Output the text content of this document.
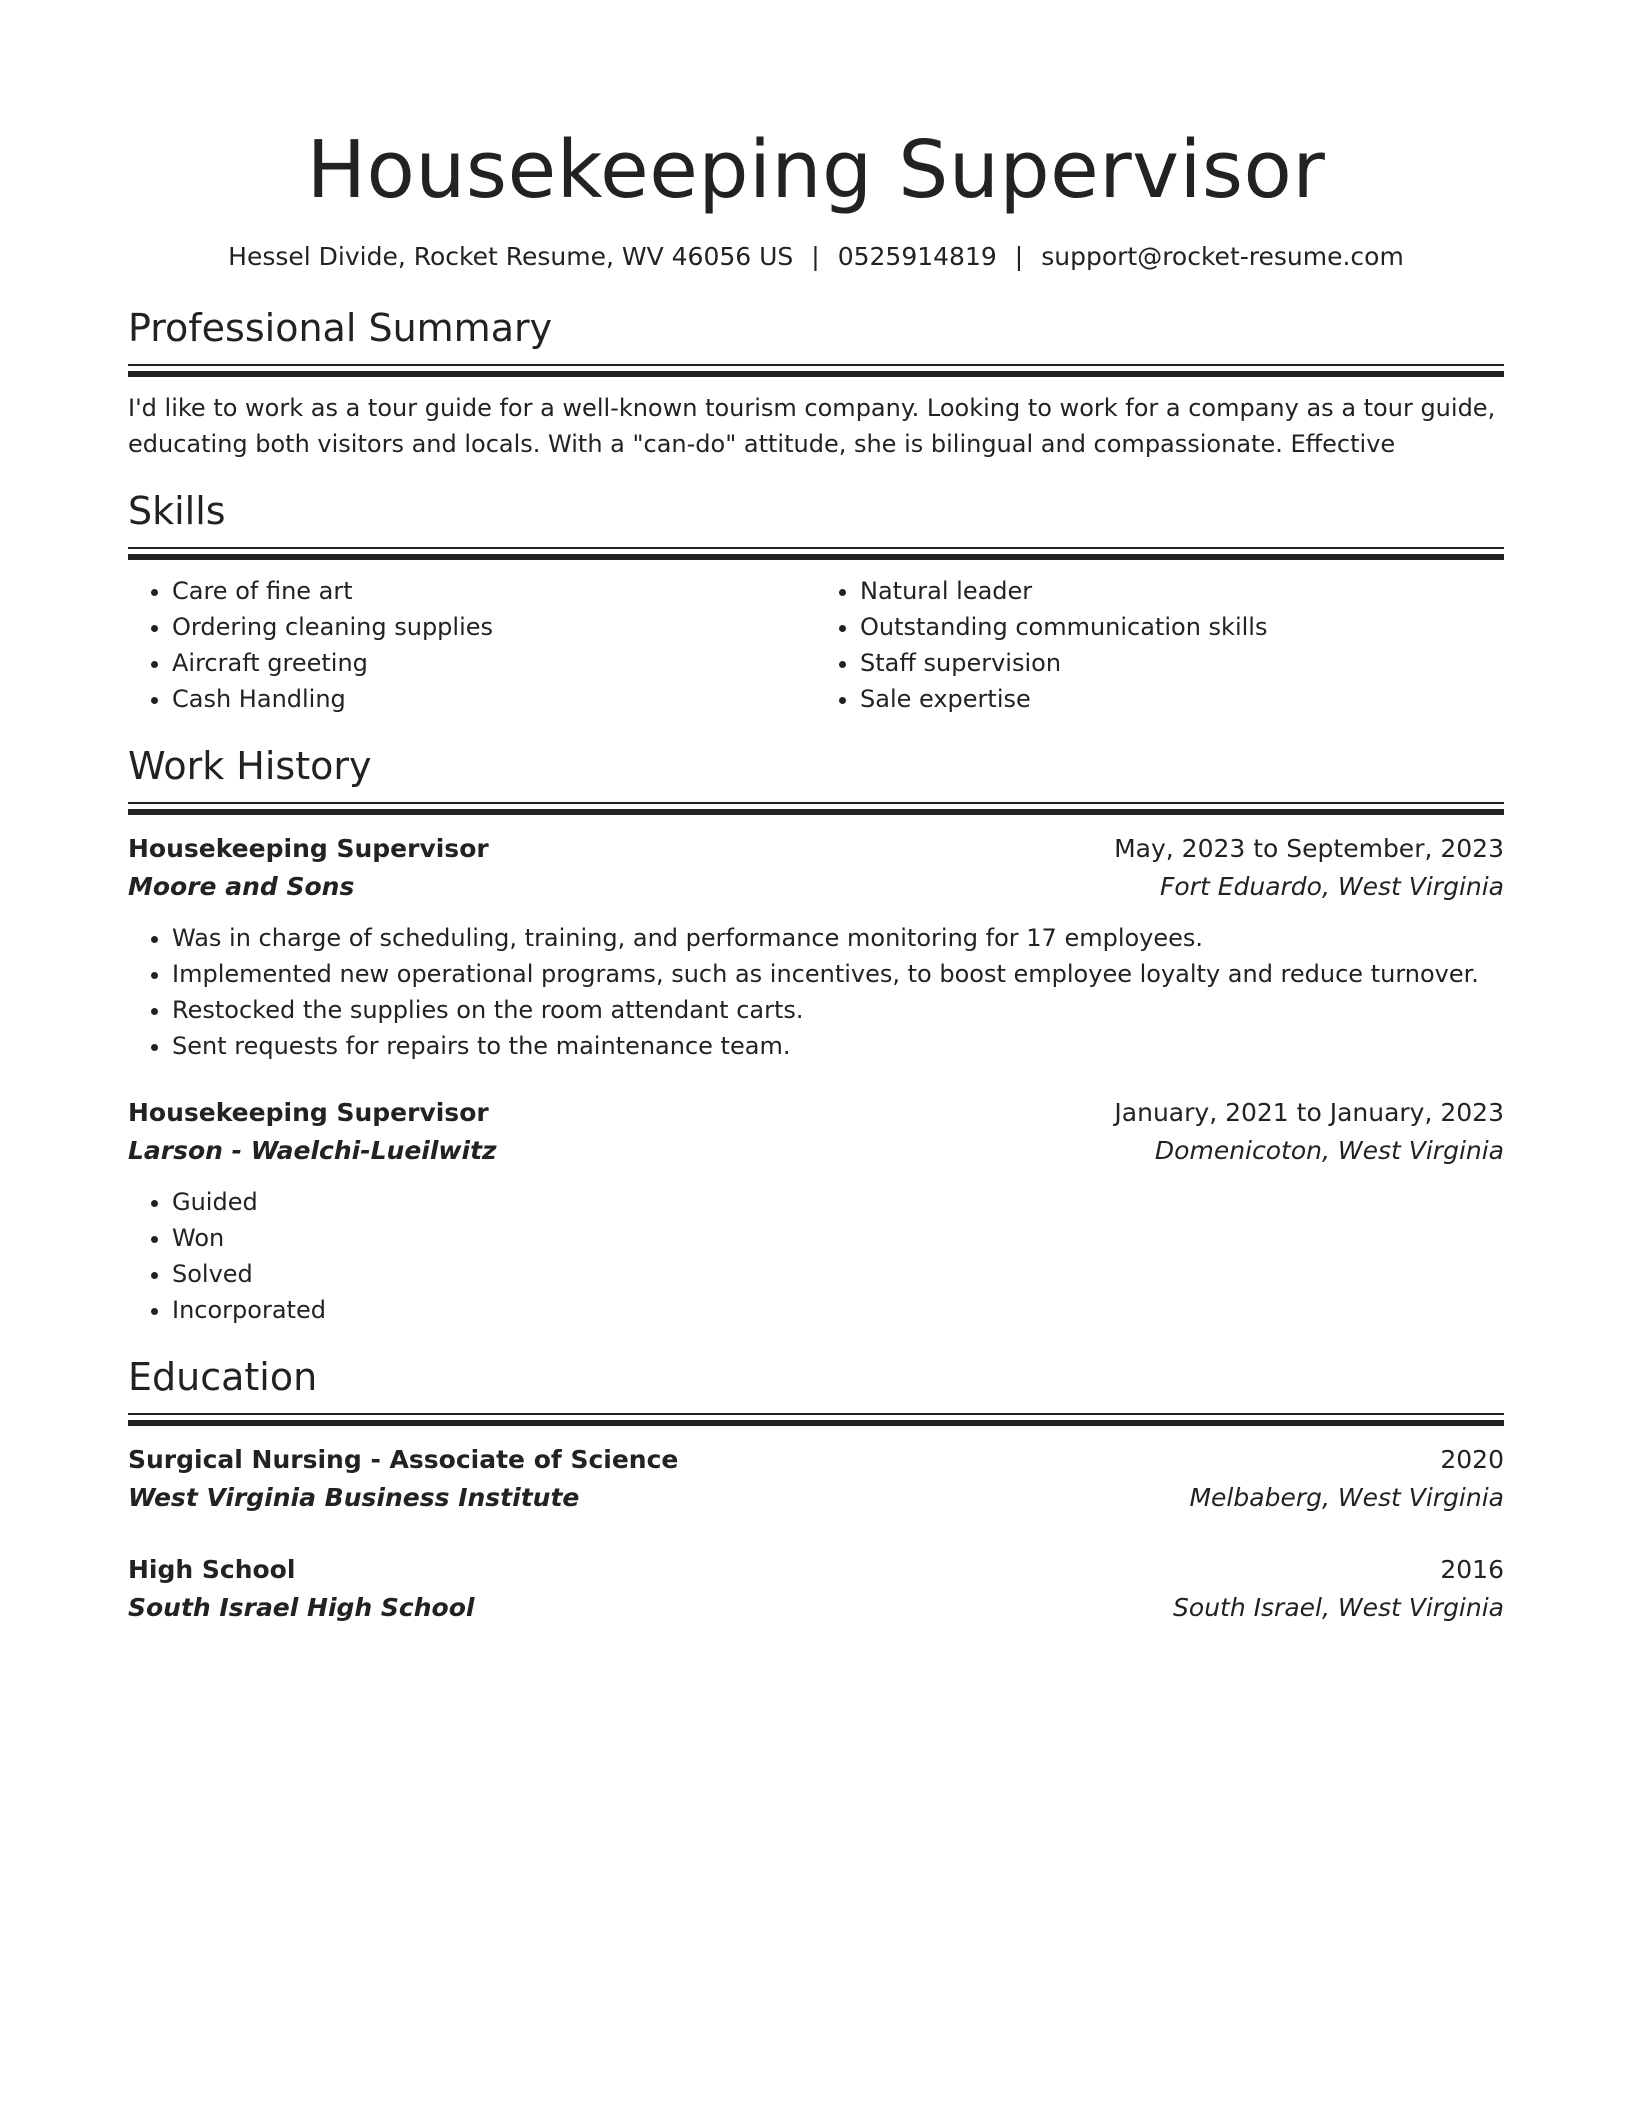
Housekeeping Supervisor
Hessel Divide, Rocket Resume, WV 46056 US | 0525914819 | support@rocket-resume.com
Professional Summary

I'd like to work as a tour guide for a well-known tourism company. Looking to work for a company as a tour guide, educating both visitors and locals. With a "can-do" attitude, she is bilingual and compassionate. Effective

Skills
• Care of fine art
• Ordering cleaning supplies
• Aircraft greeting
• Cash Handling
• Natural leader
• Outstanding communication skills
• Staff supervision
• Sale expertise
Work History
Housekeeping Supervisor	May, 2023 to September, 2023
Moore and Sons	Fort Eduardo, West Virginia
• Was in charge of scheduling, training, and performance monitoring for 17 employees.
• Implemented new operational programs, such as incentives, to boost employee loyalty and reduce turnover.
• Restocked the supplies on the room attendant carts.
• Sent requests for repairs to the maintenance team.
Housekeeping Supervisor	January, 2021 to January, 2023
Larson - Waelchi-Lueilwitz	Domenicoton, West Virginia
• Guided
• Won
• Solved
• Incorporated
Education
Surgical Nursing - Associate of Science	2020
West Virginia Business Institute	Melbaberg, West Virginia
High School	2016
South Israel High School	South Israel, West Virginia
